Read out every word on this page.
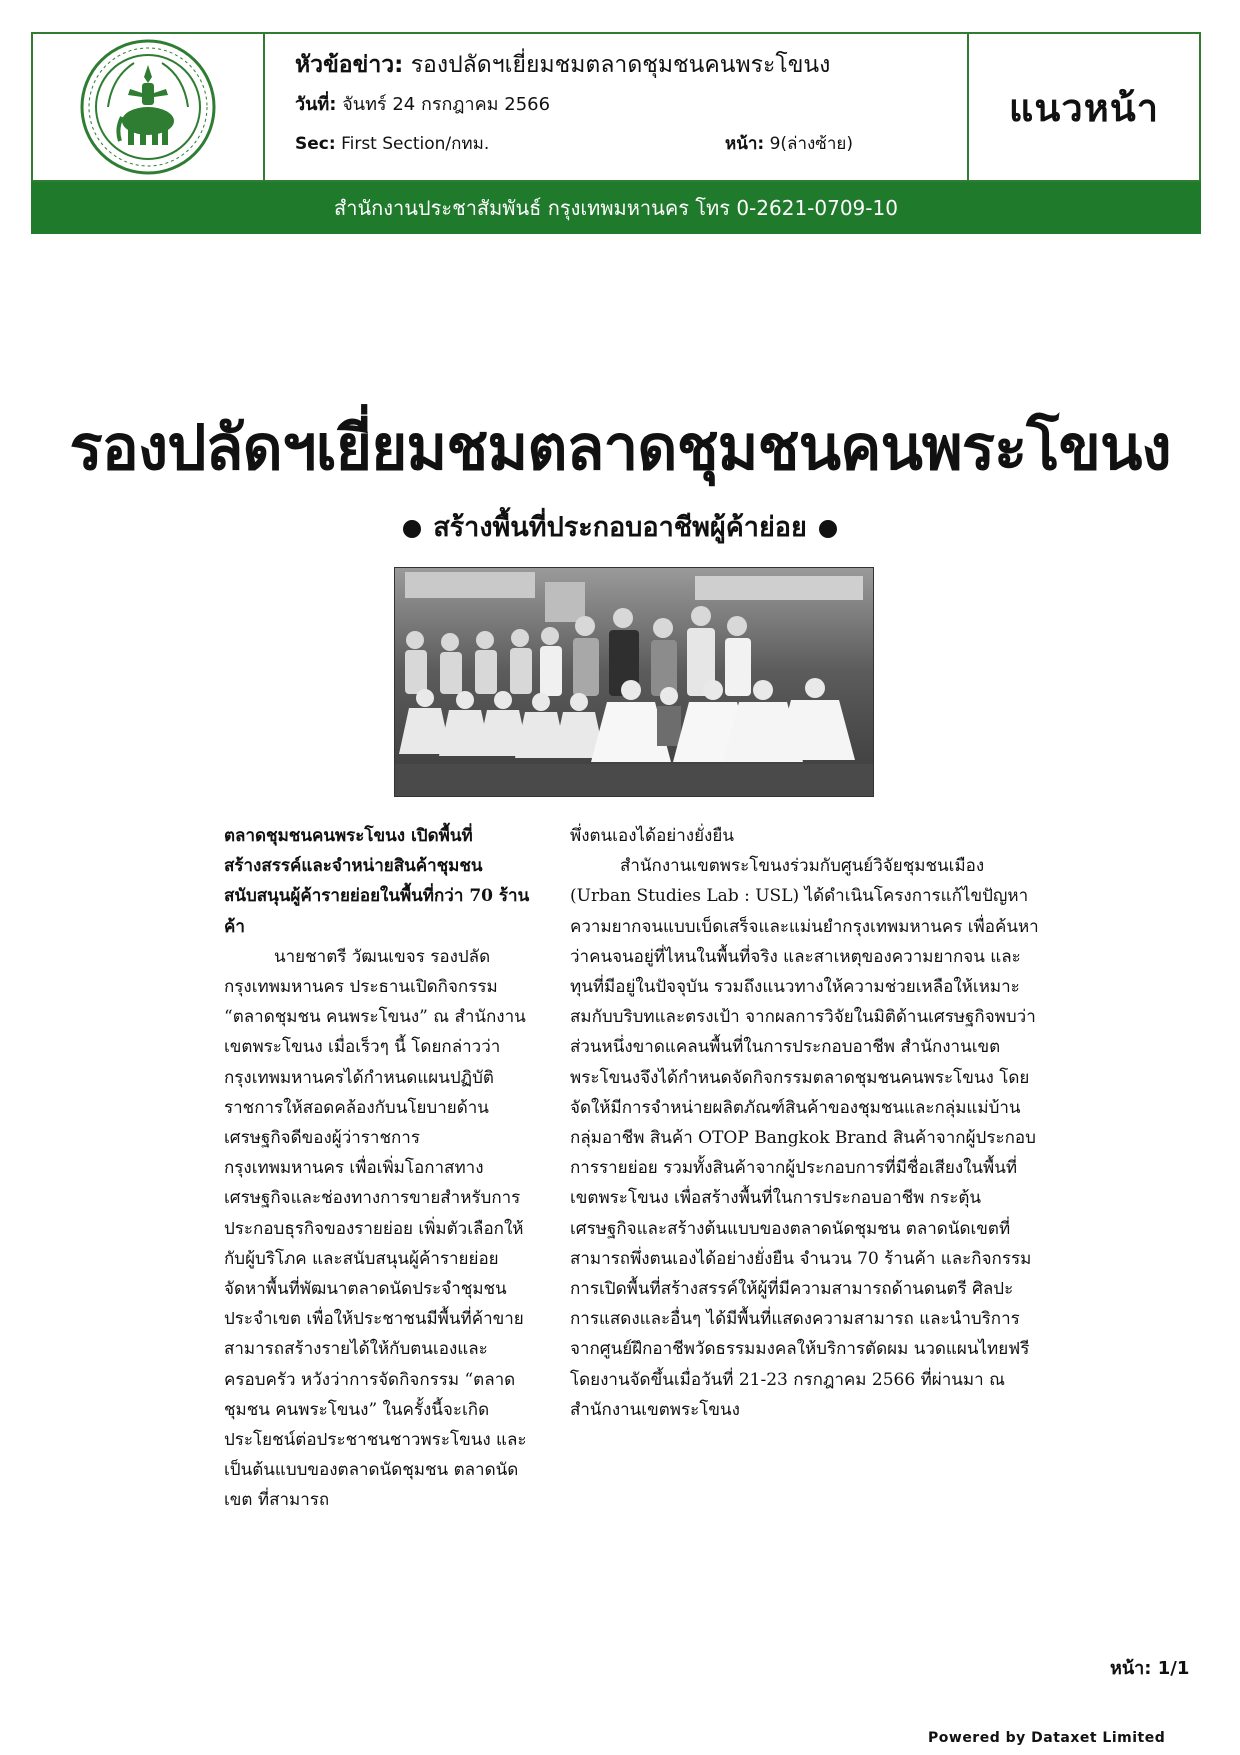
หัวข้อข่าว: รองปลัดฯเยี่ยมชมตลาดชุมชนคนพระโขนง
วันที่: จันทร์ 24 กรกฎาคม 2566
Sec: First Section/กทม.	หน้า: 9(ล่างซ้าย)
แนวหน้า
สำนักงานประชาสัมพันธ์ กรุงเทพมหานคร โทร 0-2621-0709-10
รองปลัดฯเยี่ยมชมตลาดชุมชนคนพระโขนง
สร้างพื้นที่ประกอบอาชีพผู้ค้าย่อย

ตลาดชุมชนคนพระโขนง เปิดพื้นที่สร้างสรรค์และจำหน่ายสินค้าชุมชน สนับสนุนผู้ค้ารายย่อยในพื้นที่กว่า 70 ร้านค้า

นายชาตรี วัฒนเขจร รองปลัดกรุงเทพมหานคร ประธานเปิดกิจกรรม “ตลาดชุมชน คนพระโขนง” ณ สำนักงานเขตพระโขนง เมื่อเร็วๆ นี้ โดยกล่าวว่า กรุงเทพมหานครได้กำหนดแผนปฏิบัติราชการให้สอดคล้องกับนโยบายด้านเศรษฐกิจดีของผู้ว่าราชการกรุงเทพมหานคร เพื่อเพิ่มโอกาสทางเศรษฐกิจและช่องทางการขายสำหรับการประกอบธุรกิจของรายย่อย เพิ่มตัวเลือกให้กับผู้บริโภค และสนับสนุนผู้ค้ารายย่อย จัดหาพื้นที่พัฒนาตลาดนัดประจำชุมชน ประจำเขต เพื่อให้ประชาชนมีพื้นที่ค้าขาย สามารถสร้างรายได้ให้กับตนเองและครอบครัว หวังว่าการจัดกิจกรรม “ตลาดชุมชน คนพระโขนง” ในครั้งนี้จะเกิดประโยชน์ต่อประชาชนชาวพระโขนง และเป็นต้นแบบของตลาดนัดชุมชน ตลาดนัดเขต ที่สามารถ

พึ่งตนเองได้อย่างยั่งยืน

สำนักงานเขตพระโขนงร่วมกับศูนย์วิจัยชุมชนเมือง (Urban Studies Lab : USL) ได้ดำเนินโครงการแก้ไขปัญหาความยากจนแบบเบ็ดเสร็จและแม่นยำกรุงเทพมหานคร เพื่อค้นหาว่าคนจนอยู่ที่ไหนในพื้นที่จริง และสาเหตุของความยากจน และทุนที่มีอยู่ในปัจจุบัน รวมถึงแนวทางให้ความช่วยเหลือให้เหมาะสมกับบริบทและตรงเป้า จากผลการวิจัยในมิติด้านเศรษฐกิจพบว่าส่วนหนึ่งขาดแคลนพื้นที่ในการประกอบอาชีพ สำนักงานเขตพระโขนงจึงได้กำหนดจัดกิจกรรมตลาดชุมชนคนพระโขนง โดยจัดให้มีการจำหน่ายผลิตภัณฑ์สินค้าของชุมชนและกลุ่มแม่บ้านกลุ่มอาชีพ สินค้า OTOP Bangkok Brand สินค้าจากผู้ประกอบการรายย่อย รวมทั้งสินค้าจากผู้ประกอบการที่มีชื่อเสียงในพื้นที่เขตพระโขนง เพื่อสร้างพื้นที่ในการประกอบอาชีพ กระตุ้นเศรษฐกิจและสร้างต้นแบบของตลาดนัดชุมชน ตลาดนัดเขตที่สามารถพึ่งตนเองได้อย่างยั่งยืน จำนวน 70 ร้านค้า และกิจกรรมการเปิดพื้นที่สร้างสรรค์ให้ผู้ที่มีความสามารถด้านดนตรี ศิลปะการแสดงและอื่นๆ ได้มีพื้นที่แสดงความสามารถ และนำบริการจากศูนย์ฝึกอาชีพวัดธรรมมงคลให้บริการตัดผม นวดแผนไทยฟรี โดยงานจัดขึ้นเมื่อวันที่ 21-23 กรกฎาคม 2566 ที่ผ่านมา ณ สำนักงานเขตพระโขนง

หน้า: 1/1
Powered by Dataxet Limited
